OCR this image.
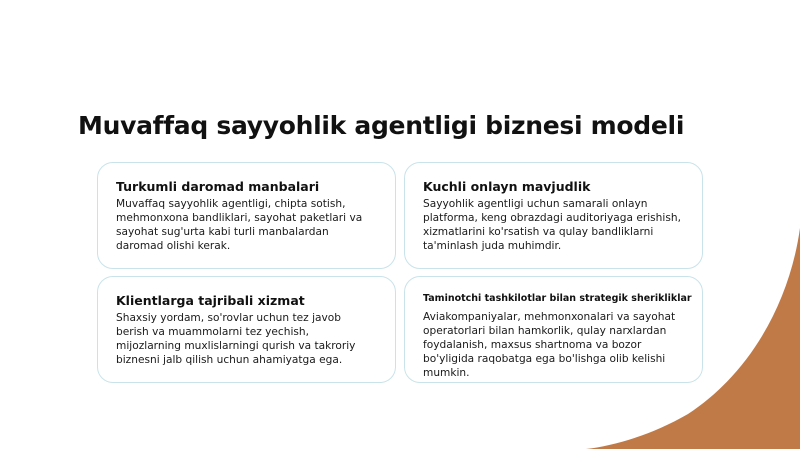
Muvaffaq sayyohlik agentligi biznesi modeli
Turkumli daromad manbalari

Muvaffaq sayyohlik agentligi, chipta sotish, mehmonxona bandliklari, sayohat paketlari va sayohat sug'urta kabi turli manbalardan daromad olishi kerak.

Kuchli onlayn mavjudlik

Sayyohlik agentligi uchun samarali onlayn platforma, keng obrazdagi auditoriyaga erishish, xizmatlarini ko'rsatish va qulay bandliklarni ta'minlash juda muhimdir.

Klientlarga tajribali xizmat

Shaxsiy yordam, so'rovlar uchun tez javob berish va muammolarni tez yechish, mijozlarning muxlislarningi qurish va takroriy biznesni jalb qilish uchun ahamiyatga ega.

Taminotchi tashkilotlar bilan strategik sherikliklar

Aviakompaniyalar, mehmonxonalari va sayohat operatorlari bilan hamkorlik, qulay narxlardan foydalanish, maxsus shartnoma va bozor bo'yligida raqobatga ega bo'lishga olib kelishi mumkin.
